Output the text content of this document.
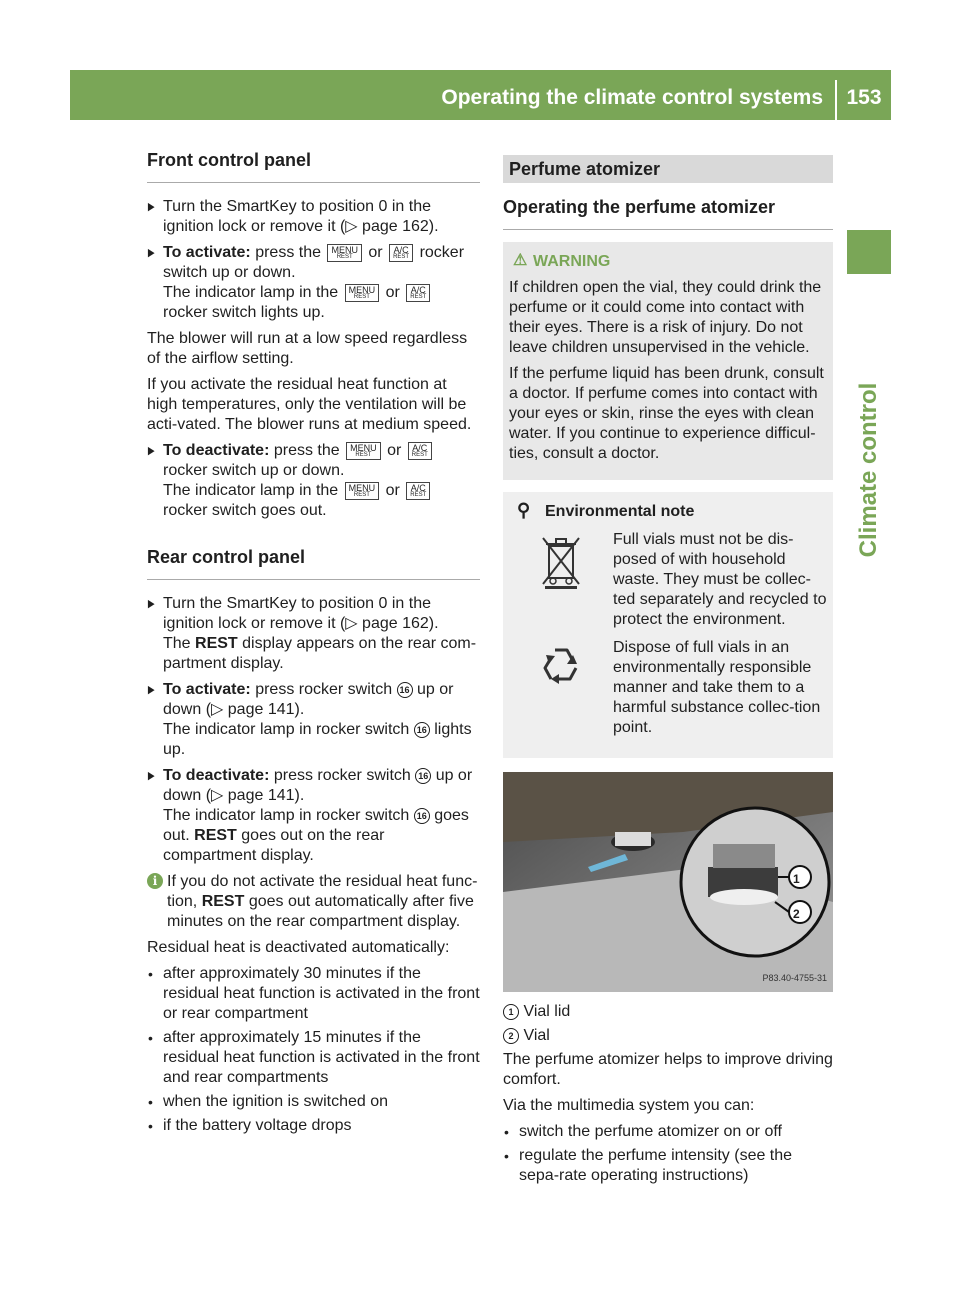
Operating the climate control systems	153
Climate control
Front control panel
▶ Turn the SmartKey to position 0 in the ignition lock or remove it (▷ page 162).
▶ To activate: press the MENU
REST or A/C
REST rocker switch up or down.
The indicator lamp in the MENU
REST or A/C
REST
rocker switch lights up.
The blower will run at a low speed regardless of the airflow setting.
If you activate the residual heat function at high temperatures, only the ventilation will be acti-vated. The blower runs at medium speed.
▶ To deactivate: press the MENU
REST or A/C
REST
rocker switch up or down.
The indicator lamp in the MENU
REST or A/C
REST
rocker switch goes out.
Rear control panel
▶ Turn the SmartKey to position 0 in the ignition lock or remove it (▷ page 162).
The REST display appears on the rear com-partment display.
▶ To activate: press rocker switch 16 up or down (▷ page 141).
The indicator lamp in rocker switch 16 lights up.
▶ To deactivate: press rocker switch 16 up or down (▷ page 141).
The indicator lamp in rocker switch 16 goes out. REST goes out on the rear compartment display.
i If you do not activate the residual heat func-tion, REST goes out automatically after five minutes on the rear compartment display.
Residual heat is deactivated automatically:
• after approximately 30 minutes if the residual heat function is activated in the front or rear compartment
• after approximately 15 minutes if the residual heat function is activated in the front and rear compartments
• when the ignition is switched on
• if the battery voltage drops
Perfume atomizer
Operating the perfume atomizer
⚠ WARNING

If children open the vial, they could drink the perfume or it could come into contact with their eyes. There is a risk of injury. Do not leave children unsupervised in the vehicle.

If the perfume liquid has been drunk, consult a doctor. If perfume comes into contact with your eyes or skin, rinse the eyes with clean water. If you continue to experience difficul-ties, consult a doctor.

⚲ Environmental note
Full vials must not be dis-posed of with household waste. They must be collec-ted separately and recycled to protect the environment.
Dispose of full vials in an environmentally responsible manner and take them to a harmful substance collec-tion point.
1
2
P83.40-4755-31
1 Vial lid
2 Vial
The perfume atomizer helps to improve driving comfort.
Via the multimedia system you can:
• switch the perfume atomizer on or off
• regulate the perfume intensity (see the sepa-rate operating instructions)
